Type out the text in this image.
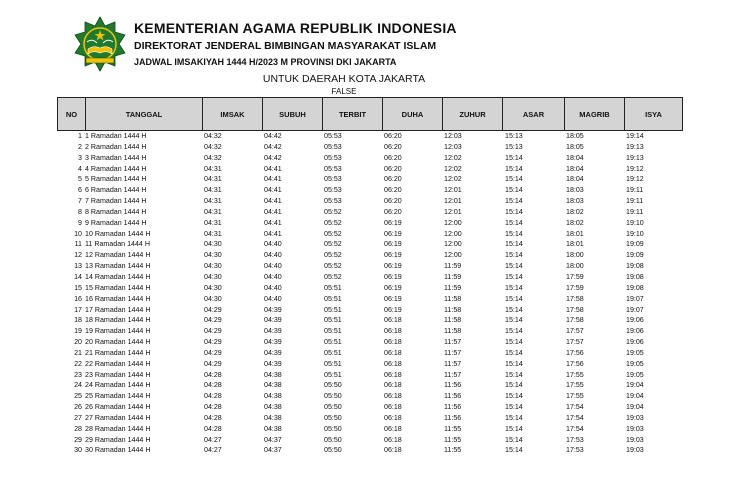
KEMENTERIAN AGAMA REPUBLIK INDONESIA
DIREKTORAT JENDERAL BIMBINGAN MASYARAKAT ISLAM
JADWAL IMSAKIYAH 1444 H/2023 M PROVINSI DKI JAKARTA
UNTUK DAERAH KOTA JAKARTA
FALSE
NO	TANGGAL	IMSAK	SUBUH	TERBIT	DUHA	ZUHUR	ASAR	MAGRIB	ISYA
1 1 Ramadan 1444 H	04:32	04:42	05:53	06:20	12:03	15:13	18:05	19:14
2 2 Ramadan 1444 H	04:32	04:42	05:53	06:20	12:03	15:13	18:05	19:13
3 3 Ramadan 1444 H	04:32	04:42	05:53	06:20	12:02	15:14	18:04	19:13
4 4 Ramadan 1444 H	04:31	04:41	05:53	06:20	12:02	15:14	18:04	19:12
5 5 Ramadan 1444 H	04:31	04:41	05:53	06:20	12:02	15:14	18:04	19:12
6 6 Ramadan 1444 H	04:31	04:41	05:53	06:20	12:01	15:14	18:03	19:11
7 7 Ramadan 1444 H	04:31	04:41	05:53	06:20	12:01	15:14	18:03	19:11
8 8 Ramadan 1444 H	04:31	04:41	05:52	06:20	12:01	15:14	18:02	19:11
9 9 Ramadan 1444 H	04:31	04:41	05:52	06:19	12:00	15:14	18:02	19:10
10 10 Ramadan 1444 H	04:31	04:41	05:52	06:19	12:00	15:14	18:01	19:10
11 11 Ramadan 1444 H	04:30	04:40	05:52	06:19	12:00	15:14	18:01	19:09
12 12 Ramadan 1444 H	04:30	04:40	05:52	06:19	12:00	15:14	18:00	19:09
13 13 Ramadan 1444 H	04:30	04:40	05:52	06:19	11:59	15:14	18:00	19:08
14 14 Ramadan 1444 H	04:30	04:40	05:52	06:19	11:59	15:14	17:59	19:08
15 15 Ramadan 1444 H	04:30	04:40	05:51	06:19	11:59	15:14	17:59	19:08
16 16 Ramadan 1444 H	04:30	04:40	05:51	06:19	11:58	15:14	17:58	19:07
17 17 Ramadan 1444 H	04:29	04:39	05:51	06:19	11:58	15:14	17:58	19:07
18 18 Ramadan 1444 H	04:29	04:39	05:51	06:18	11:58	15:14	17:58	19:06
19 19 Ramadan 1444 H	04:29	04:39	05:51	06:18	11:58	15:14	17:57	19:06
20 20 Ramadan 1444 H	04:29	04:39	05:51	06:18	11:57	15:14	17:57	19:06
21 21 Ramadan 1444 H	04:29	04:39	05:51	06:18	11:57	15:14	17:56	19:05
22 22 Ramadan 1444 H	04:29	04:39	05:51	06:18	11:57	15:14	17:56	19:05
23 23 Ramadan 1444 H	04:28	04:38	05:51	06:18	11:57	15:14	17:55	19:05
24 24 Ramadan 1444 H	04:28	04:38	05:50	06:18	11:56	15:14	17:55	19:04
25 25 Ramadan 1444 H	04:28	04:38	05:50	06:18	11:56	15:14	17:55	19:04
26 26 Ramadan 1444 H	04:28	04:38	05:50	06:18	11:56	15:14	17:54	19:04
27 27 Ramadan 1444 H	04:28	04:38	05:50	06:18	11:56	15:14	17:54	19:03
28 28 Ramadan 1444 H	04:28	04:38	05:50	06:18	11:55	15:14	17:54	19:03
29 29 Ramadan 1444 H	04:27	04:37	05:50	06:18	11:55	15:14	17:53	19:03
30 30 Ramadan 1444 H	04:27	04:37	05:50	06:18	11:55	15:14	17:53	19:03
